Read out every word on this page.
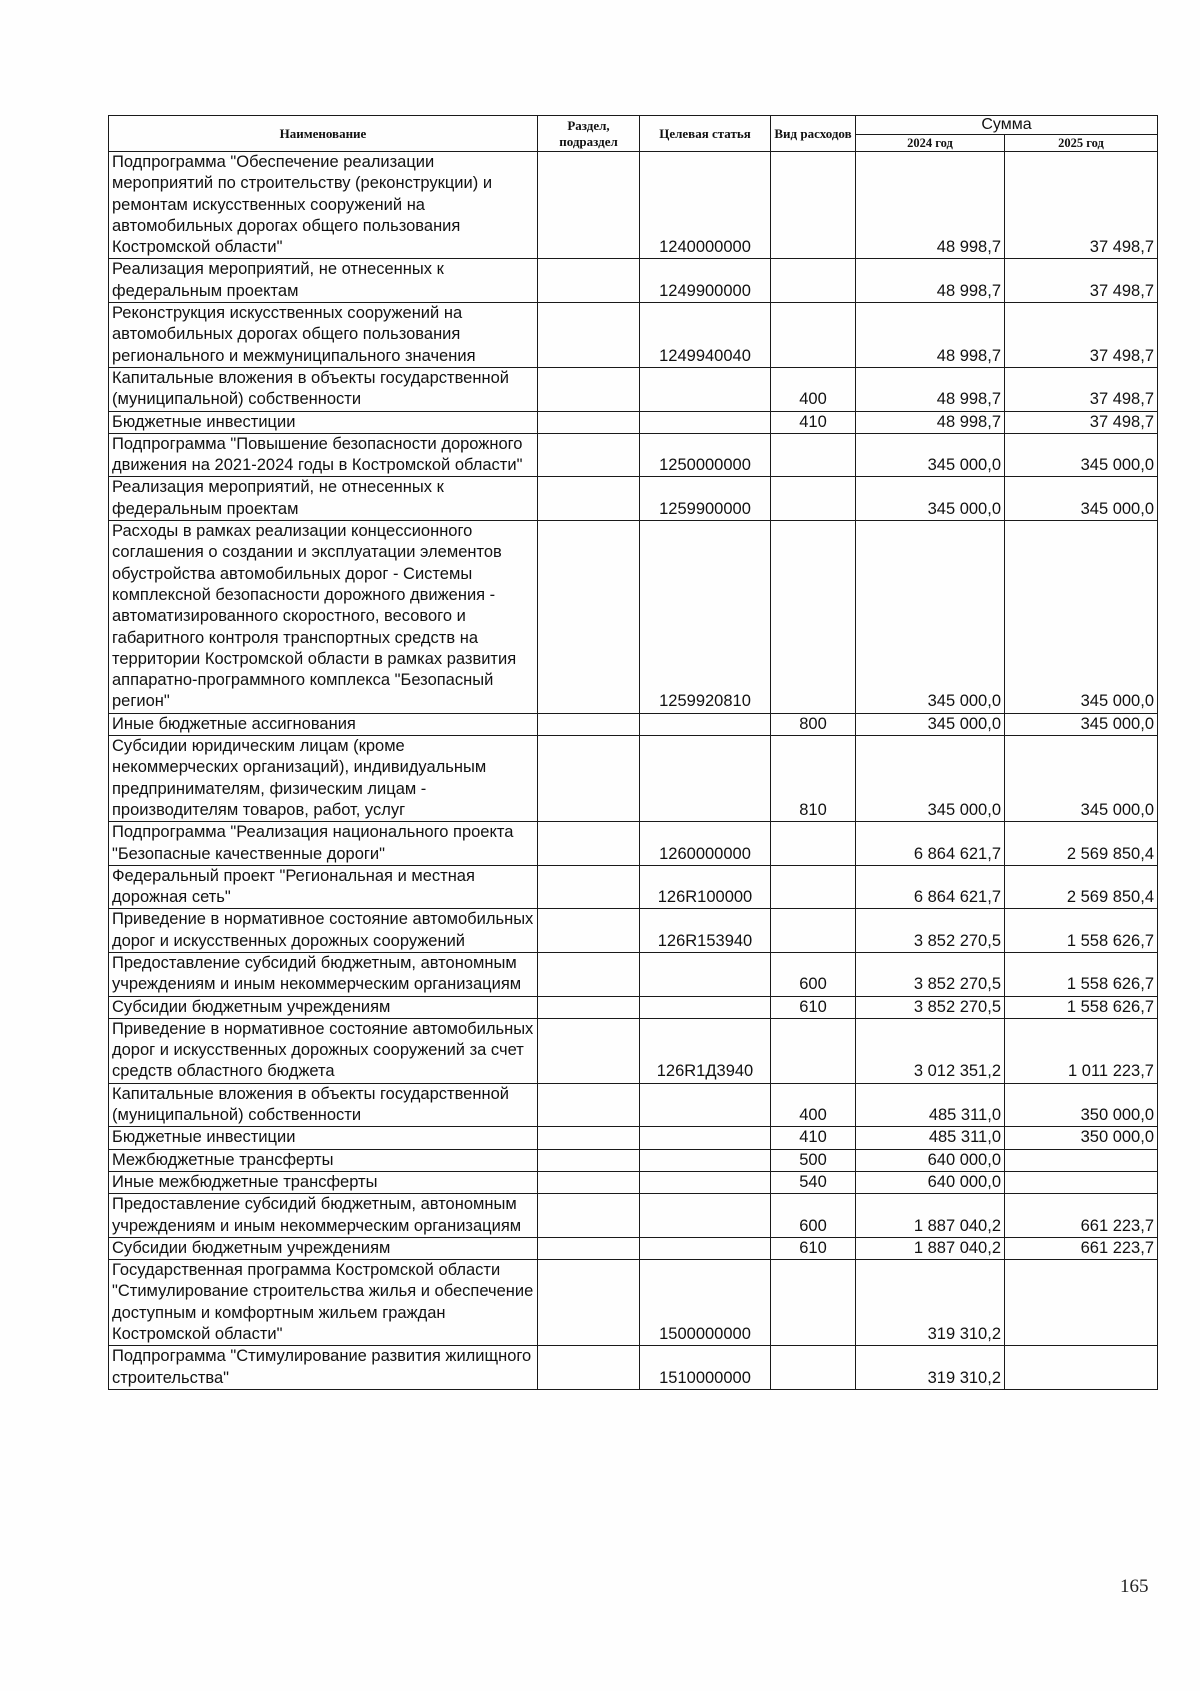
Наименование	Раздел, подраздел	Целевая статья	Вид расходов	Сумма	
				2024 год	2025 год
Подпрограмма "Обеспечение реализации мероприятий по строительству (реконструкции) и ремонтам искусственных сооружений на автомобильных дорогах общего пользования Костромской области"		1240000000		48 998,7	37 498,7
Реализация мероприятий, не отнесенных к федеральным проектам		1249900000		48 998,7	37 498,7
Реконструкция искусственных сооружений на автомобильных дорогах общего пользования регионального и межмуниципального значения		1249940040		48 998,7	37 498,7
Капитальные вложения в объекты государственной (муниципальной) собственности			400	48 998,7	37 498,7
Бюджетные инвестиции			410	48 998,7	37 498,7
Подпрограмма "Повышение безопасности дорожного движения на 2021-2024 годы в Костромской области"		1250000000		345 000,0	345 000,0
Реализация мероприятий, не отнесенных к федеральным проектам		1259900000		345 000,0	345 000,0
Расходы в рамках реализации концессионного соглашения о создании и эксплуатации элементов обустройства автомобильных дорог - Системы комплексной безопасности дорожного движения - автоматизированного скоростного, весового и габаритного контроля транспортных средств на территории Костромской области в рамках развития аппаратно-программного комплекса "Безопасный регион"		1259920810		345 000,0	345 000,0
Иные бюджетные ассигнования			800	345 000,0	345 000,0
Субсидии юридическим лицам (кроме некоммерческих организаций), индивидуальным предпринимателям, физическим лицам - производителям товаров, работ, услуг			810	345 000,0	345 000,0
Подпрограмма "Реализация национального проекта "Безопасные качественные дороги"		1260000000		6 864 621,7	2 569 850,4
Федеральный проект "Региональная и местная дорожная сеть"		126R100000		6 864 621,7	2 569 850,4
Приведение в нормативное состояние автомобильных дорог и искусственных дорожных сооружений		126R153940		3 852 270,5	1 558 626,7
Предоставление субсидий бюджетным, автономным учреждениям и иным некоммерческим организациям			600	3 852 270,5	1 558 626,7
Субсидии бюджетным учреждениям			610	3 852 270,5	1 558 626,7
Приведение в нормативное состояние автомобильных дорог и искусственных дорожных сооружений за счет средств областного бюджета		126R1Д3940		3 012 351,2	1 011 223,7
Капитальные вложения в объекты государственной (муниципальной) собственности			400	485 311,0	350 000,0
Бюджетные инвестиции			410	485 311,0	350 000,0
Межбюджетные трансферты			500	640 000,0	
Иные межбюджетные трансферты			540	640 000,0	
Предоставление субсидий бюджетным, автономным учреждениям и иным некоммерческим организациям			600	1 887 040,2	661 223,7
Субсидии бюджетным учреждениям			610	1 887 040,2	661 223,7
Государственная программа Костромской области "Стимулирование строительства жилья и обеспечение доступным и комфортным жильем граждан Костромской области"		1500000000		319 310,2	
Подпрограмма "Стимулирование развития жилищного строительства"		1510000000		319 310,2	
165
